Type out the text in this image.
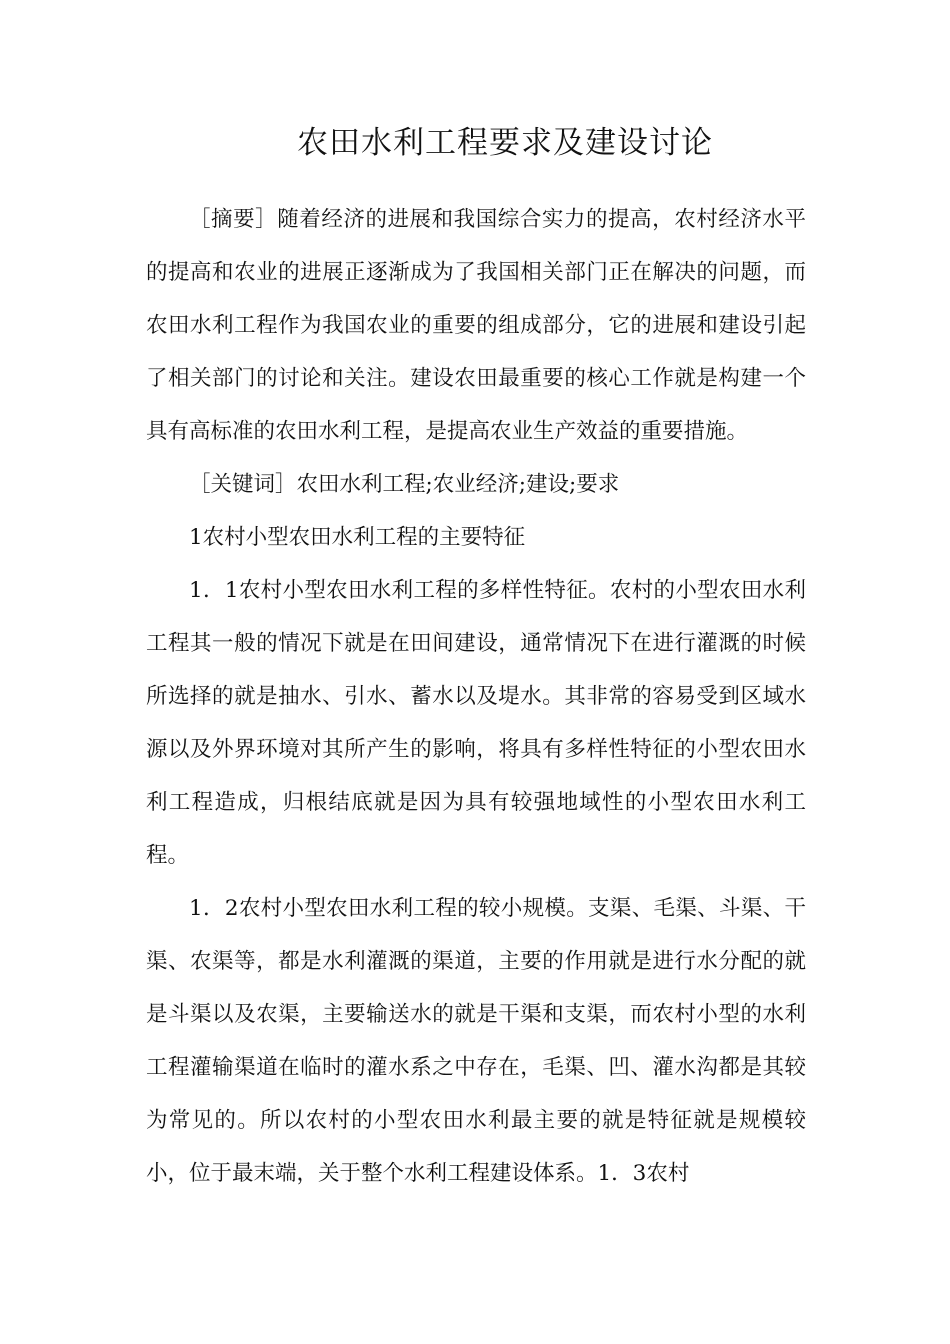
农田水利工程要求及建设讨论

［摘要］随着经济的进展和我国综合实力的提高，农村经济水平的提高和农业的进展正逐渐成为了我国相关部门正在解决的问题，而农田水利工程作为我国农业的重要的组成部分，它的进展和建设引起了相关部门的讨论和关注。建设农田最重要的核心工作就是构建一个具有高标准的农田水利工程，是提高农业生产效益的重要措施。

［关键词］农田水利工程;农业经济;建设;要求

1农村小型农田水利工程的主要特征

1．1农村小型农田水利工程的多样性特征。农村的小型农田水利工程其一般的情况下就是在田间建设，通常情况下在进行灌溉的时候所选择的就是抽水、引水、蓄水以及堤水。其非常的容易受到区域水源以及外界环境对其所产生的影响，将具有多样性特征的小型农田水利工程造成，归根结底就是因为具有较强地域性的小型农田水利工程。

1．2农村小型农田水利工程的较小规模。支渠、毛渠、斗渠、干渠、农渠等，都是水利灌溉的渠道，主要的作用就是进行水分配的就是斗渠以及农渠，主要输送水的就是干渠和支渠，而农村小型的水利工程灌输渠道在临时的灌水系之中存在，毛渠、凹、灌水沟都是其较为常见的。所以农村的小型农田水利最主要的就是特征就是规模较小，位于最末端，关于整个水利工程建设体系。1．3农村
